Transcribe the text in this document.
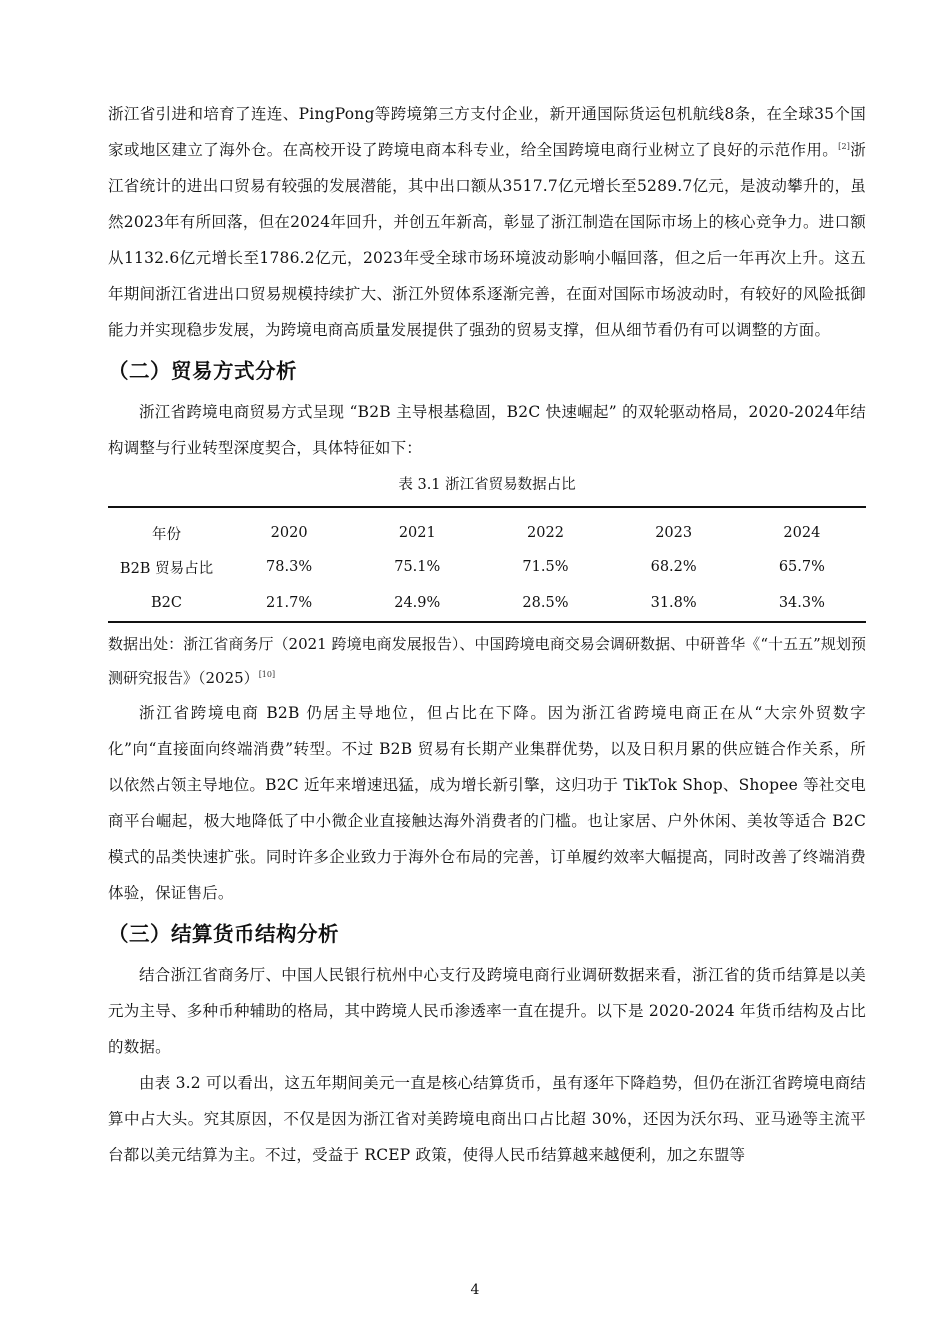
浙江省引进和培育了连连、PingPong等跨境第三方支付企业，新开通国际货运包机航线8条，在全球35个国家或地区建立了海外仓。在高校开设了跨境电商本科专业，给全国跨境电商行业树立了良好的示范作用。[2]浙江省统计的进出口贸易有较强的发展潜能，其中出口额从3517.7亿元增长至5289.7亿元，是波动攀升的，虽然2023年有所回落，但在2024年回升，并创五年新高，彰显了浙江制造在国际市场上的核心竞争力。进口额从1132.6亿元增长至1786.2亿元，2023年受全球市场环境波动影响小幅回落，但之后一年再次上升。这五年期间浙江省进出口贸易规模持续扩大、浙江外贸体系逐渐完善，在面对国际市场波动时，有较好的风险抵御能力并实现稳步发展，为跨境电商高质量发展提供了强劲的贸易支撑，但从细节看仍有可以调整的方面。

（二）贸易方式分析

浙江省跨境电商贸易方式呈现 “B2B 主导根基稳固，B2C 快速崛起” 的双轮驱动格局，2020-2024年结构调整与行业转型深度契合，具体特征如下：

表 3.1 浙江省贸易数据占比
年份	2020	2021	2022	2023	2024
B2B 贸易占比	78.3%	75.1%	71.5%	68.2%	65.7%
B2C	21.7%	24.9%	28.5%	31.8%	34.3%
数据出处：浙江省商务厅（2021 跨境电商发展报告）、中国跨境电商交易会调研数据、中研普华《“十五五”规划预测研究报告》（2025）[10]

浙江省跨境电商 B2B 仍居主导地位，但占比在下降。因为浙江省跨境电商正在从“大宗外贸数字化”向“直接面向终端消费”转型。不过 B2B 贸易有长期产业集群优势，以及日积月累的供应链合作关系，所以依然占领主导地位。B2C 近年来增速迅猛，成为增长新引擎，这归功于 TikTok Shop、Shopee 等社交电商平台崛起，极大地降低了中小微企业直接触达海外消费者的门槛。也让家居、户外休闲、美妆等适合 B2C 模式的品类快速扩张。同时许多企业致力于海外仓布局的完善，订单履约效率大幅提高，同时改善了终端消费体验，保证售后。

（三）结算货币结构分析

结合浙江省商务厅、中国人民银行杭州中心支行及跨境电商行业调研数据来看，浙江省的货币结算是以美元为主导、多种币种辅助的格局，其中跨境人民币渗透率一直在提升。以下是 2020-2024 年货币结构及占比的数据。

由表 3.2 可以看出，这五年期间美元一直是核心结算货币，虽有逐年下降趋势，但仍在浙江省跨境电商结算中占大头。究其原因，不仅是因为浙江省对美跨境电商出口占比超 30%，还因为沃尔玛、亚马逊等主流平台都以美元结算为主。不过，受益于 RCEP 政策，使得人民币结算越来越便利，加之东盟等

4
